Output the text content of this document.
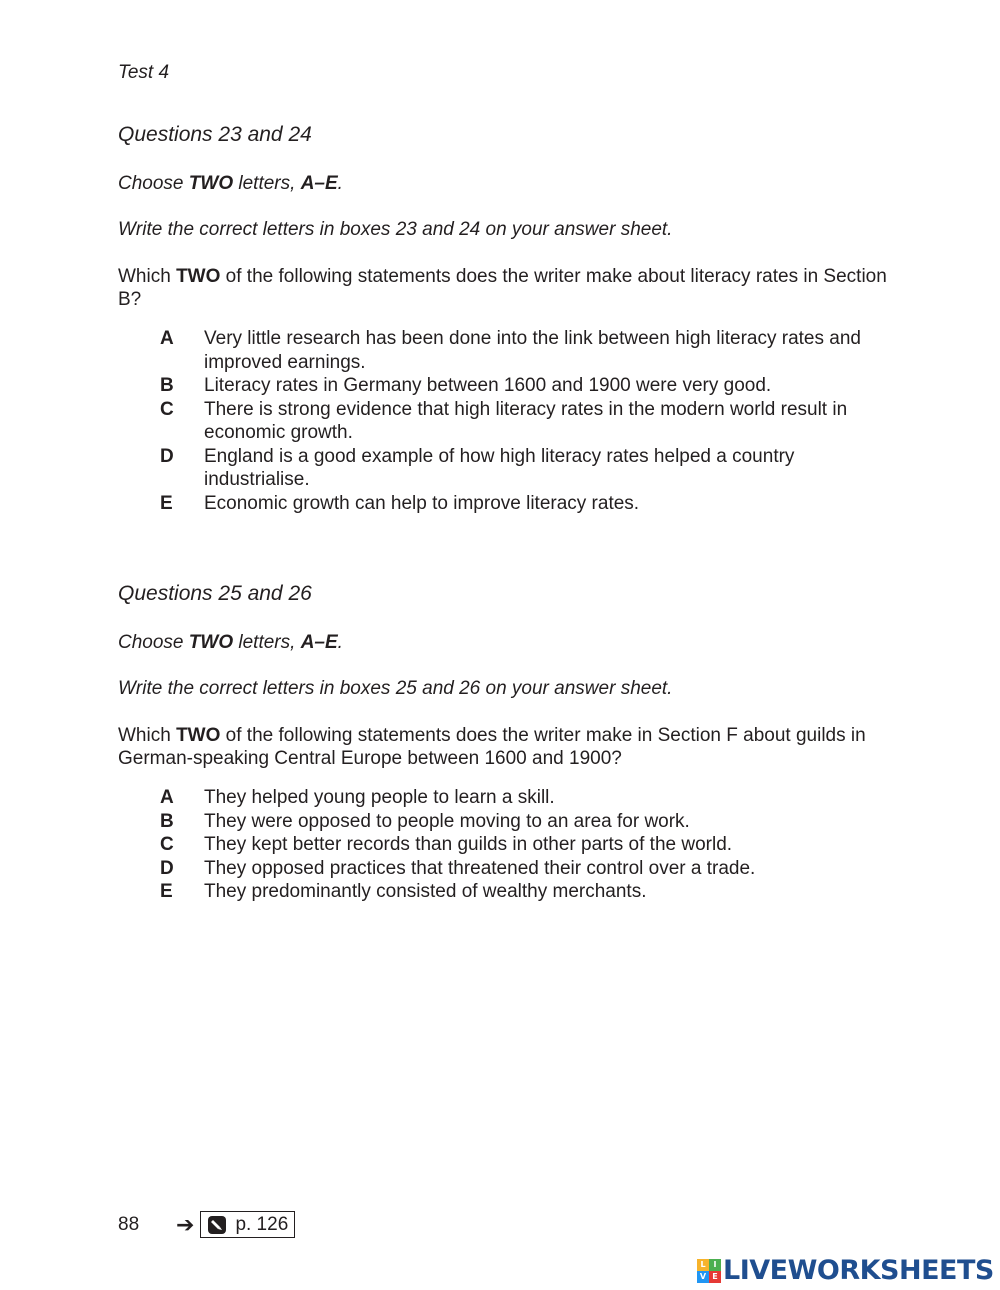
Test 4
Questions 23 and 24
Choose TWO letters, A–E.
Write the correct letters in boxes 23 and 24 on your answer sheet.
Which TWO of the following statements does the writer make about literacy rates in Section B?
A	Very little research has been done into the link between high literacy rates and improved earnings.
B	Literacy rates in Germany between 1600 and 1900 were very good.
C	There is strong evidence that high literacy rates in the modern world result in economic growth.
D	England is a good example of how high literacy rates helped a country industrialise.
E	Economic growth can help to improve literacy rates.
Questions 25 and 26
Choose TWO letters, A–E.
Write the correct letters in boxes 25 and 26 on your answer sheet.
Which TWO of the following statements does the writer make in Section F about guilds in German-speaking Central Europe between 1600 and 1900?
A	They helped young people to learn a skill.
B	They were opposed to people moving to an area for work.
C	They kept better records than guilds in other parts of the world.
D	They opposed practices that threatened their control over a trade.
E	They predominantly consisted of wealthy merchants.
88	➔ p. 126
L I
V E LIVEWORKSHEETS
